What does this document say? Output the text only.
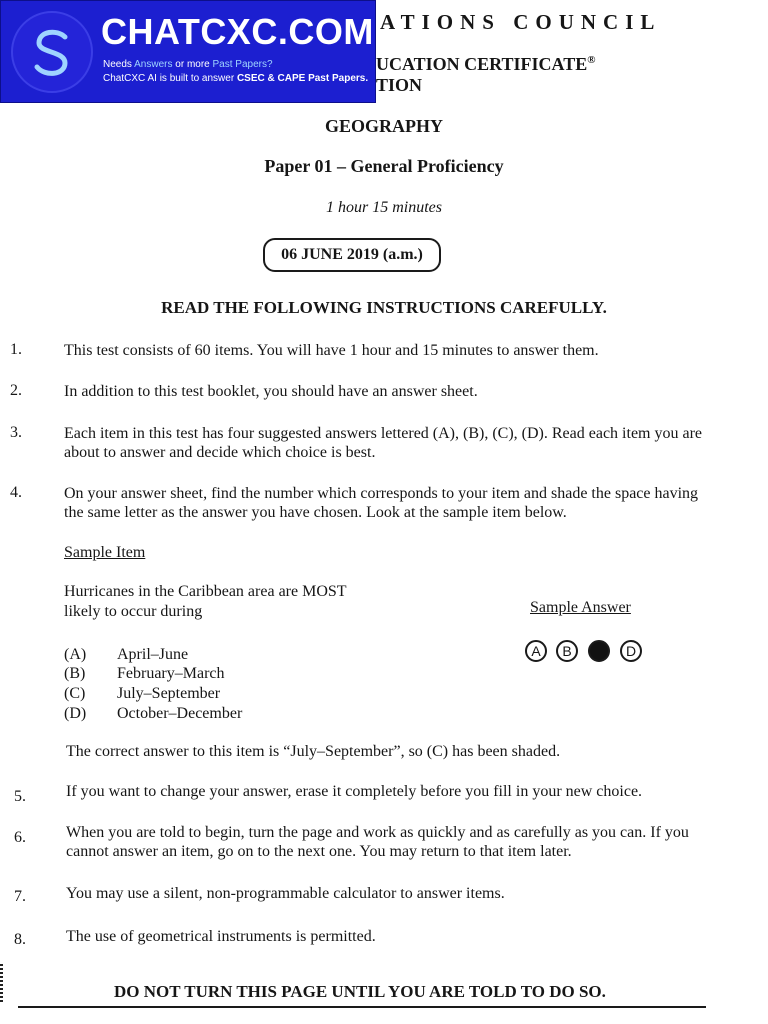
CHATCXC.COM
Needs Answers or more Past Papers?
ChatCXC AI is built to answer CSEC & CAPE Past Papers.
ATIONS COUNCIL
UCATION CERTIFICATE®
TION
GEOGRAPHY
Paper 01 – General Proficiency
1 hour 15 minutes
06 JUNE 2019 (a.m.)
READ THE FOLLOWING INSTRUCTIONS CAREFULLY.
1.	This test consists of 60 items. You will have 1 hour and 15 minutes to answer them.
2.	In addition to this test booklet, you should have an answer sheet.
3.	Each item in this test has four suggested answers lettered (A), (B), (C), (D). Read each item you are about to answer and decide which choice is best.
4.	On your answer sheet, find the number which corresponds to your item and shade the space having the same letter as the answer you have chosen. Look at the sample item below.
Sample Item
Hurricanes in the Caribbean area are MOST
likely to occur during
(A) April–June
(B) February–March
(C) July–September
(D) October–December
Sample Answer
A	B	D
The correct answer to this item is “July–September”, so (C) has been shaded.
5.	If you want to change your answer, erase it completely before you fill in your new choice.
6.	When you are told to begin, turn the page and work as quickly and as carefully as you can. If you cannot answer an item, go on to the next one. You may return to that item later.
7.	You may use a silent, non-programmable calculator to answer items.
8.	The use of geometrical instruments is permitted.
DO NOT TURN THIS PAGE UNTIL YOU ARE TOLD TO DO SO.
